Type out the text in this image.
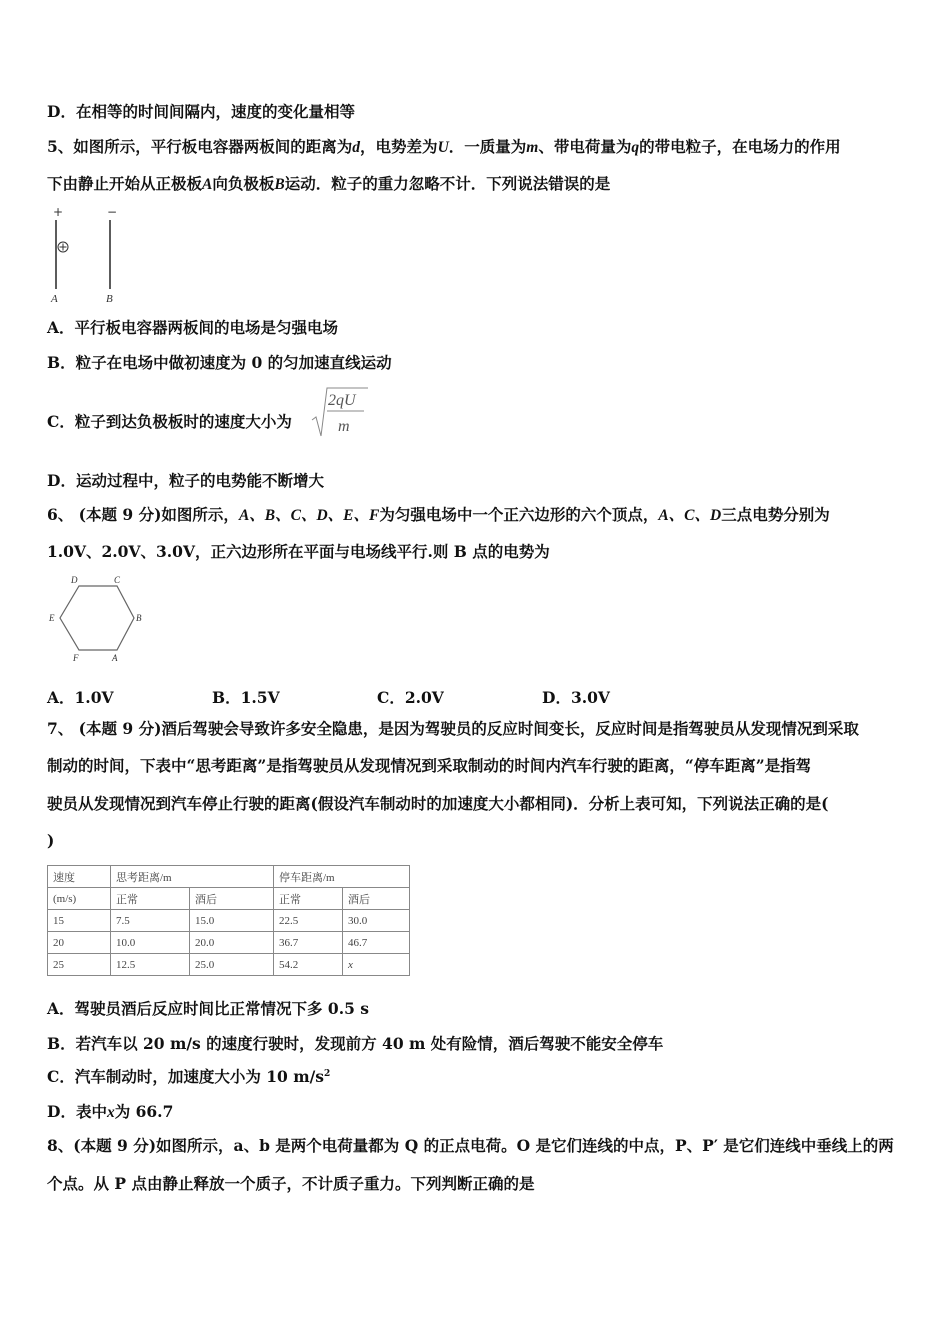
D．在相等的时间间隔内，速度的变化量相等
5、如图所示，平行板电容器两板间的距离为d，电势差为U．一质量为m、带电荷量为q的带电粒子，在电场力的作用
下由静止开始从正极板A向负极板B运动．粒子的重力忽略不计．下列说法错误的是
+	−
A	B
A．平行板电容器两板间的电场是匀强电场
B．粒子在电场中做初速度为 0 的匀加速直线运动
C．粒子到达负极板时的速度大小为
2qU
m
D．运动过程中，粒子的电势能不断增大
6、 (本题 9 分)如图所示，A、B、C、D、E、F为匀强电场中一个正六边形的六个顶点，A、C、D三点电势分别为
1.0V、2.0V、3.0V，正六边形所在平面与电场线平行.则 B 点的电势为
D	C
E	B
F	A
A．1.0V	B．1.5V	C．2.0V	D．3.0V
7、 (本题 9 分)酒后驾驶会导致许多安全隐患，是因为驾驶员的反应时间变长，反应时间是指驾驶员从发现情况到采取
制动的时间，下表中“思考距离”是指驾驶员从发现情况到采取制动的时间内汽车行驶的距离，“停车距离”是指驾
驶员从发现情况到汽车停止行驶的距离(假设汽车制动时的加速度大小都相同)．分析上表可知，下列说法正确的是(
)
速度	思考距离/m		停车距离/m	
(m/s)	正常	酒后	正常	酒后
15	7.5	15.0	22.5	30.0
20	10.0	20.0	36.7	46.7
25	12.5	25.0	54.2	x
A．驾驶员酒后反应时间比正常情况下多 0.5 s
B．若汽车以 20 m/s 的速度行驶时，发现前方 40 m 处有险情，酒后驾驶不能安全停车
C．汽车制动时，加速度大小为 10 $m/s^2$
D．表中x为 66.7
8、(本题 9 分)如图所示，a、b 是两个电荷量都为 Q 的正点电荷。O 是它们连线的中点，P、P′ 是它们连线中垂线上的两
个点。从 P 点由静止释放一个质子，不计质子重力。下列判断正确的是
